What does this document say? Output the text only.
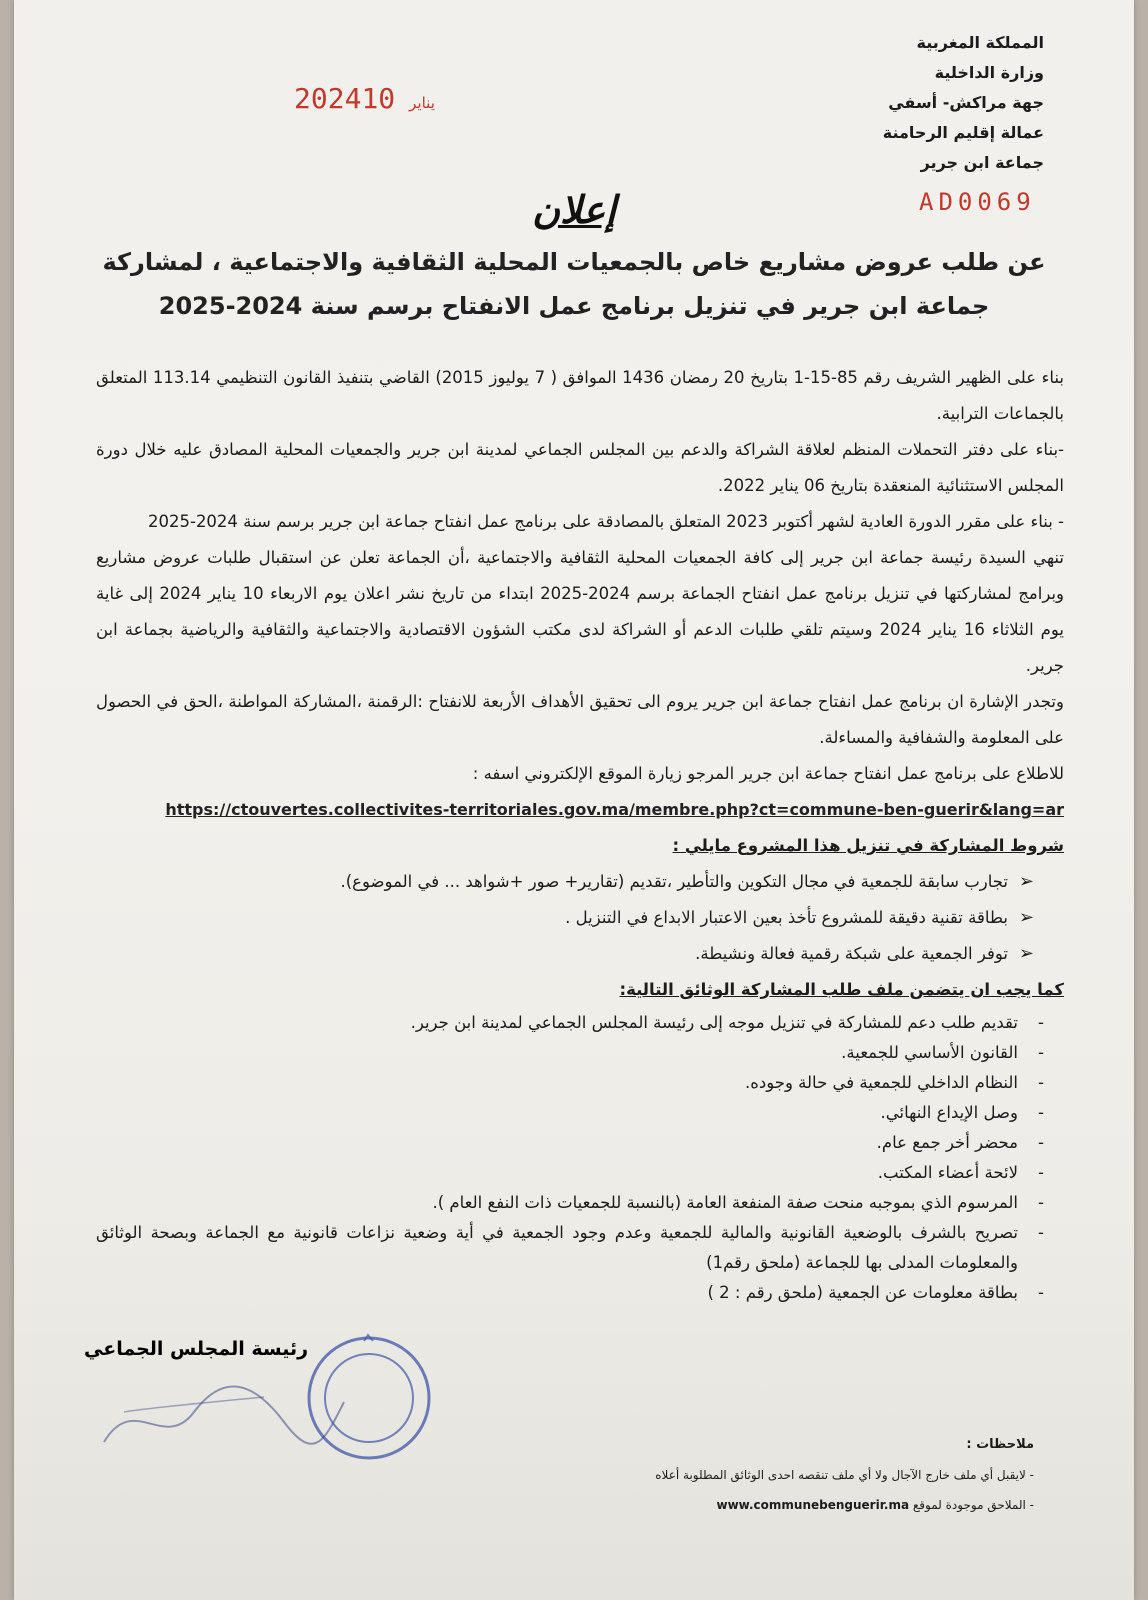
المملكة المغربية
وزارة الداخلية
جهة مراكش- أسفي
عمالة إقليم الرحامنة
جماعة ابن جرير
2024	يناير10
AD0069
إعلان
عن طلب عروض مشاريع خاص بالجمعيات المحلية الثقافية والاجتماعية ، لمشاركة جماعة ابن جرير في تنزيل برنامج عمل الانفتاح برسم سنة 2024-2025

بناء على الظهير الشريف رقم 85-15-1 بتاريخ 20 رمضان 1436 الموافق ( 7 يوليوز 2015) القاضي بتنفيذ القانون التنظيمي 113.14 المتعلق بالجماعات الترابية.

-بناء على دفتر التحملات المنظم لعلاقة الشراكة والدعم بين المجلس الجماعي لمدينة ابن جرير والجمعيات المحلية المصادق عليه خلال دورة المجلس الاستثنائية المنعقدة بتاريخ 06 يناير 2022.

- بناء على مقرر الدورة العادية لشهر أكتوبر 2023 المتعلق بالمصادقة على برنامج عمل انفتاح جماعة ابن جرير برسم سنة 2024-2025

تنهي السيدة رئيسة جماعة ابن جرير إلى كافة الجمعيات المحلية الثقافية والاجتماعية ،أن الجماعة تعلن عن استقبال طلبات عروض مشاريع وبرامج لمشاركتها في تنزيل برنامج عمل انفتاح الجماعة برسم 2024-2025 ابتداء من تاريخ نشر اعلان يوم الاربعاء 10 يناير 2024 إلى غاية يوم الثلاثاء 16 يناير 2024 وسيتم تلقي طلبات الدعم أو الشراكة لدى مكتب الشؤون الاقتصادية والاجتماعية والثقافية والرياضية بجماعة ابن جرير.

وتجدر الإشارة ان برنامج عمل انفتاح جماعة ابن جرير يروم الى تحقيق الأهداف الأربعة للانفتاح :الرقمنة ،المشاركة المواطنة ،الحق في الحصول على المعلومة والشفافية والمساءلة.

للاطلاع على برنامج عمل انفتاح جماعة ابن جرير المرجو زيارة الموقع الإلكتروني اسفه :

https://ctouvertes.collectivites-territoriales.gov.ma/membre.php?ct=commune-ben-guerir&lang=ar
شروط المشاركة في تنزيل هذا المشروع مايلي :
➢
تجارب سابقة للجمعية في مجال التكوين والتأطير ،تقديم (تقارير+ صور +شواهد ... في الموضوع).
➢
بطاقة تقنية دقيقة للمشروع تأخذ بعين الاعتبار الابداع في التنزيل .
➢
توفر الجمعية على شبكة رقمية فعالة ونشيطة.
كما يجب ان يتضمن ملف طلب المشاركة الوثائق التالية:
-
تقديم طلب دعم للمشاركة في تنزيل موجه إلى رئيسة المجلس الجماعي لمدينة ابن جرير.
-
القانون الأساسي للجمعية.
-
النظام الداخلي للجمعية في حالة وجوده.
-
وصل الإيداع النهائي.
-
محضر أخر جمع عام.
-
لائحة أعضاء المكتب.
-
المرسوم الذي بموجبه منحت صفة المنفعة العامة (بالنسبة للجمعيات ذات النفع العام ).
-
تصريح بالشرف بالوضعية القانونية والمالية للجمعية وعدم وجود الجمعية في أية وضعية نزاعات قانونية مع الجماعة وبصحة الوثائق والمعلومات المدلى بها للجماعة (ملحق رقم1)
-
بطاقة معلومات عن الجمعية (ملحق رقم : 2 )
رئيسة المجلس الجماعي
ملاحظات :
- لايقبل أي ملف خارج الآجال ولا أي ملف تنقصه احدى الوثائق المطلوبة أعلاه
- الملاحق موجودة لموقع www.communebenguerir.ma
